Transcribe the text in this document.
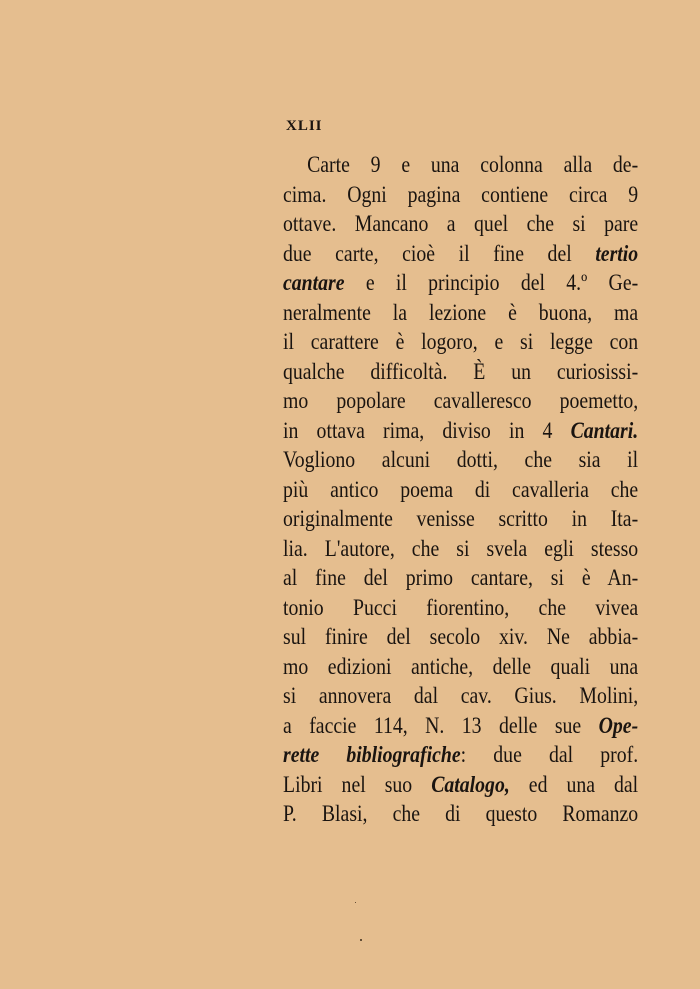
XLII
Carte 9 e una colonna alla de-
cima. Ogni pagina contiene circa 9
ottave. Mancano a quel che si pare
due carte, cioè il fine del tertio
cantare e il principio del 4.º Ge-
neralmente la lezione è buona, ma
il carattere è logoro, e si legge con
qualche difficoltà. È un curiosissi-
mo popolare cavalleresco poemetto,
in ottava rima, diviso in 4 Cantari.
Vogliono alcuni dotti, che sia il
più antico poema di cavalleria che
originalmente venisse scritto in Ita-
lia. L'autore, che si svela egli stesso
al fine del primo cantare, si è An-
tonio Pucci fiorentino, che vivea
sul finire del secolo xiv. Ne abbia-
mo edizioni antiche, delle quali una
si annovera dal cav. Gius. Molini,
a faccie 114, N. 13 delle sue Ope-
rette bibliografiche: due dal prof.
Libri nel suo Catalogo, ed una dal
P. Blasi, che di questo Romanzo
